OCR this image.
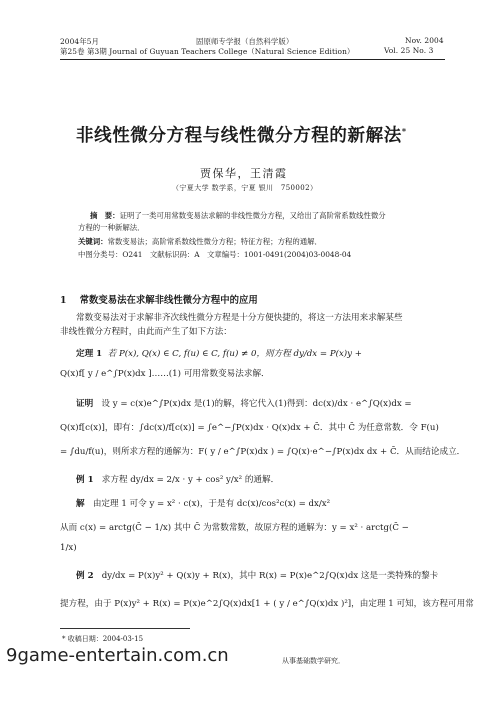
2004年5月	固原师专学报（自然科学版）	Nov. 2004
第25卷 第3期 Journal of Guyuan Teachers College（Natural Science Edition）	Vol. 25 No. 3
非线性微分方程与线性微分方程的新解法*
贾保华，王清霞
（宁夏大学 数学系，宁夏 银川　750002）
摘　要：证明了一类可用常数变易法求解的非线性微分方程，又给出了高阶常系数线性微分
方程的一种新解法．
关键词：常数变易法；高阶常系数线性微分方程；特征方程；方程的通解．
中图分类号：O241　文献标识码：A　文章编号：1001-0491(2004)03-0048-04
1 常数变易法在求解非线性微分方程中的应用
常数变易法对于求解非齐次线性微分方程是十分方便快捷的，将这一方法用来求解某些
非线性微分方程时，由此而产生了如下方法：
定理 1 若 P(x), Q(x) ∈ C, f(u) ∈ C, f(u) ≠ 0，则方程 dy/dx = P(x)y +
Q(x)f[ y / e^∫P(x)dx ]……(1) 可用常数变易法求解．
证明 设 y = c(x)e^∫P(x)dx 是(1)的解，将它代入(1)得到：dc(x)/dx · e^∫Q(x)dx =
Q(x)f[c(x)]，即有：∫dc(x)/f[c(x)] = ∫e^−∫P(x)dx · Q(x)dx + C̄．其中 C̄ 为任意常数．令 F(u)
= ∫du/f(u)，则所求方程的通解为：F( y / e^∫P(x)dx ) = ∫Q(x)·e^−∫P(x)dx dx + C̄．从而结论成立．
例 1 求方程 dy/dx = 2/x · y + cos² y/x² 的通解．
解 由定理 1 可令 y = x² · c(x)，于是有 dc(x)/cos²c(x) = dx/x²
从而 c(x) = arctg(C̄ − 1/x) 其中 C̄ 为常数常数，故原方程的通解为：y = x² · arctg(C̄ −
1/x)
例 2 dy/dx = P(x)y² + Q(x)y + R(x)，其中 R(x) = P(x)e^2∫Q(x)dx 这是一类特殊的黎卡
提方程，由于 P(x)y² + R(x) = P(x)e^2∫Q(x)dx[1 + ( y / e^∫Q(x)dx )²]，由定理 1 可知，该方程可用常
* 收稿日期：2004-03-15
从事基础数学研究．
9game-entertain.com.cn
